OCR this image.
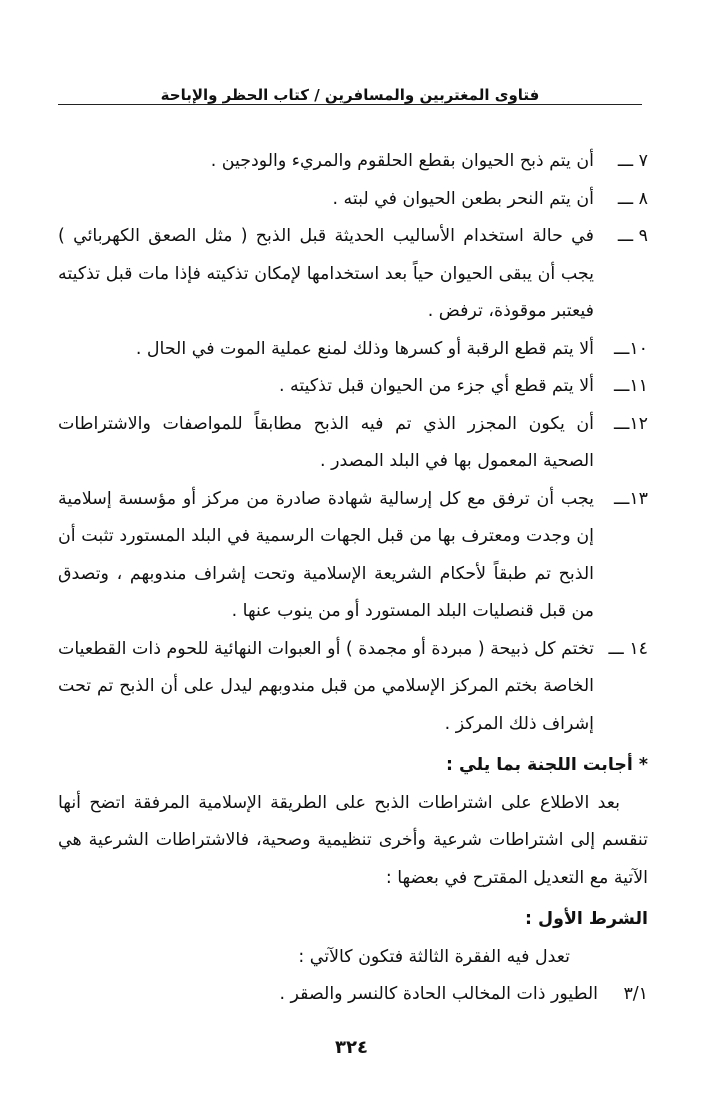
فتاوى المغتربين والمسافرين / كتاب الحظر والإباحة
٧ ـــ
أن يتم ذبح الحيوان بقطع الحلقوم والمريء والودجين .
٨ ـــ
أن يتم النحر بطعن الحيوان في لبته .
٩ ـــ
في حالة استخدام الأساليب الحديثة قبل الذبح ( مثل الصعق الكهربائي ) يجب أن يبقى الحيوان حياً بعد استخدامها لإمكان تذكيته فإذا مات قبل تذكيته فيعتبر موقوذة، ترفض .
١٠ـــ
ألا يتم قطع الرقبة أو كسرها وذلك لمنع عملية الموت في الحال .
١١ـــ
ألا يتم قطع أي جزء من الحيوان قبل تذكيته .
١٢ـــ
أن يكون المجزر الذي تم فيه الذبح مطابقاً للمواصفات والاشتراطات الصحية المعمول بها في البلد المصدر .
١٣ـــ
يجب أن ترفق مع كل إرسالية شهادة صادرة من مركز أو مؤسسة إسلامية إن وجدت ومعترف بها من قبل الجهات الرسمية في البلد المستورد تثبت أن الذبح تم طبقاً لأحكام الشريعة الإسلامية وتحت إشراف مندوبهم ، وتصدق من قبل قنصليات البلد المستورد أو من ينوب عنها .
١٤ ـــ
تختم كل ذبيحة ( مبردة أو مجمدة ) أو العبوات النهائية للحوم ذات القطعيات الخاصة بختم المركز الإسلامي من قبل مندوبهم ليدل على أن الذبح تم تحت إشراف ذلك المركز .
* أجابت اللجنة بما يلي :
بعد الاطلاع على اشتراطات الذبح على الطريقة الإسلامية المرفقة اتضح أنها تنقسم إلى اشتراطات شرعية وأخرى تنظيمية وصحية، فالاشتراطات الشرعية هي الآتية مع التعديل المقترح في بعضها :
الشرط الأول :
تعدل فيه الفقرة الثالثة فتكون كالآتي :
٣/١
الطيور ذات المخالب الحادة كالنسر والصقر .
٣٢٤
